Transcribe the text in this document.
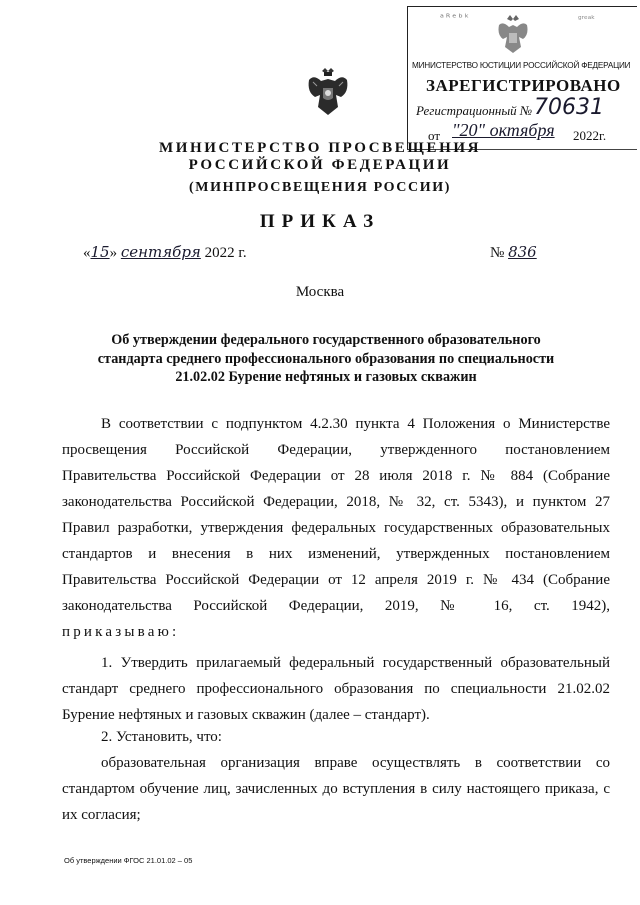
ᵃᴿᵉᵇᵏ	ᵍʳᵉᵃᵏ
МИНИСТЕРСТВО ЮСТИЦИИ РОССИЙСКОЙ ФЕДЕРАЦИИ
ЗАРЕГИСТРИРОВАНО
Регистрационный № 70631
от "20" октября 2022г.
МИНИСТЕРСТВО ПРОСВЕЩЕНИЯ
РОССИЙСКОЙ ФЕДЕРАЦИИ
(МИНПРОСВЕЩЕНИЯ РОССИИ)
ПРИКАЗ
«15» сентября 2022 г.	№ 836
Москва
Об утверждении федерального государственного образовательного стандарта среднего профессионального образования по специальности 21.02.02 Бурение нефтяных и газовых скважин
В соответствии с подпунктом 4.2.30 пункта 4 Положения о Министерстве
просвещения Российской Федерации, утвержденного постановлением
Правительства Российской Федерации от 28 июля 2018 г. № 884 (Собрание
законодательства Российской Федерации, 2018, № 32, ст. 5343), и пунктом 27
Правил разработки, утверждения федеральных государственных образовательных
стандартов и внесения в них изменений, утвержденных постановлением
Правительства Российской Федерации от 12 апреля 2019 г. № 434 (Собрание
законодательства Российской Федерации, 2019, № 16, ст. 1942),
приказываю:
1. Утвердить прилагаемый федеральный государственный образовательный стандарт среднего профессионального образования по специальности 21.02.02 Бурение нефтяных и газовых скважин (далее – стандарт).
2. Установить, что:
образовательная организация вправе осуществлять в соответствии со стандартом обучение лиц, зачисленных до вступления в силу настоящего приказа, с их согласия;
Об утверждении ФГОС 21.01.02 – 05
